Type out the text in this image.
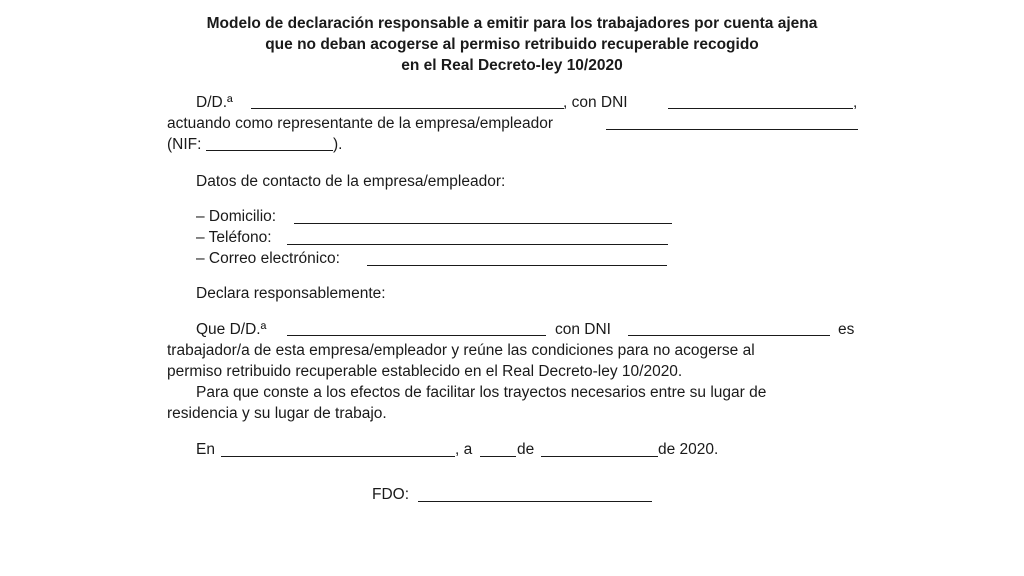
Modelo de declaración responsable a emitir para los trabajadores por cuenta ajena
que no deban acogerse al permiso retribuido recuperable recogido
en el Real Decreto-ley 10/2020
D/D.ª	, con DNI	,
actuando como representante de la empresa/empleador
(NIF:	).
Datos de contacto de la empresa/empleador:
– Domicilio:
– Teléfono:
– Correo electrónico:
Declara responsablemente:
Que D/D.ª	con DNI	es
trabajador/a de esta empresa/empleador y reúne las condiciones para no acogerse al
permiso retribuido recuperable establecido en el Real Decreto-ley 10/2020.
Para que conste a los efectos de facilitar los trayectos necesarios entre su lugar de
residencia y su lugar de trabajo.
En	, a	de	de 2020.
FDO:
